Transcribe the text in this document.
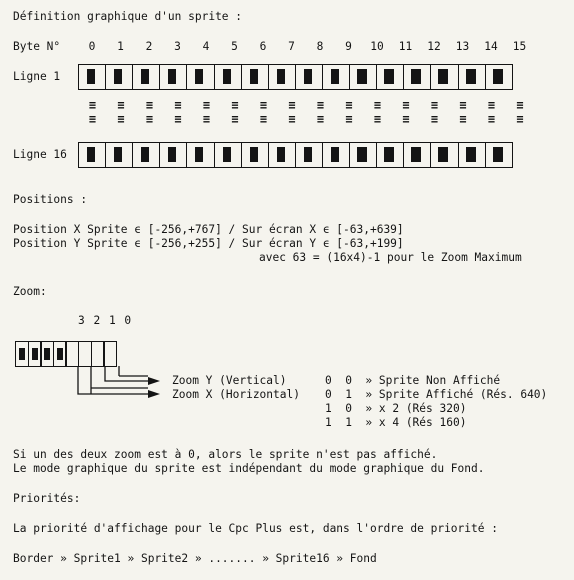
Définition graphique d'un sprite :
Byte N°	0	1	2	3	4	5	6	7	8	9	10	11	12	13	14	15
Ligne 1
≡	≡	≡	≡	≡	≡	≡	≡	≡	≡	≡	≡	≡	≡	≡	≡
≡	≡	≡	≡	≡	≡	≡	≡	≡	≡	≡	≡	≡	≡	≡	≡
Ligne 16
Positions :
Position X Sprite ϵ [-256,+767] / Sur écran X ϵ [-63,+639]
Position Y Sprite ϵ [-256,+255] / Sur écran Y ϵ [-63,+199]
avec 63 = (16x4)-1 pour le Zoom Maximum
Zoom:
3 2 1 0
Zoom Y (Vertical)
Zoom X (Horizontal)
0  0  » Sprite Non Affiché
0  1  » Sprite Affiché (Rés. 640)
1  0  » x 2 (Rés 320)
1  1  » x 4 (Rés 160)
Si un des deux zoom est à 0, alors le sprite n'est pas affiché.
Le mode graphique du sprite est indépendant du mode graphique du Fond.
Priorités:
La priorité d'affichage pour le Cpc Plus est, dans l'ordre de priorité :
Border » Sprite1 » Sprite2 » ....... » Sprite16 » Fond
